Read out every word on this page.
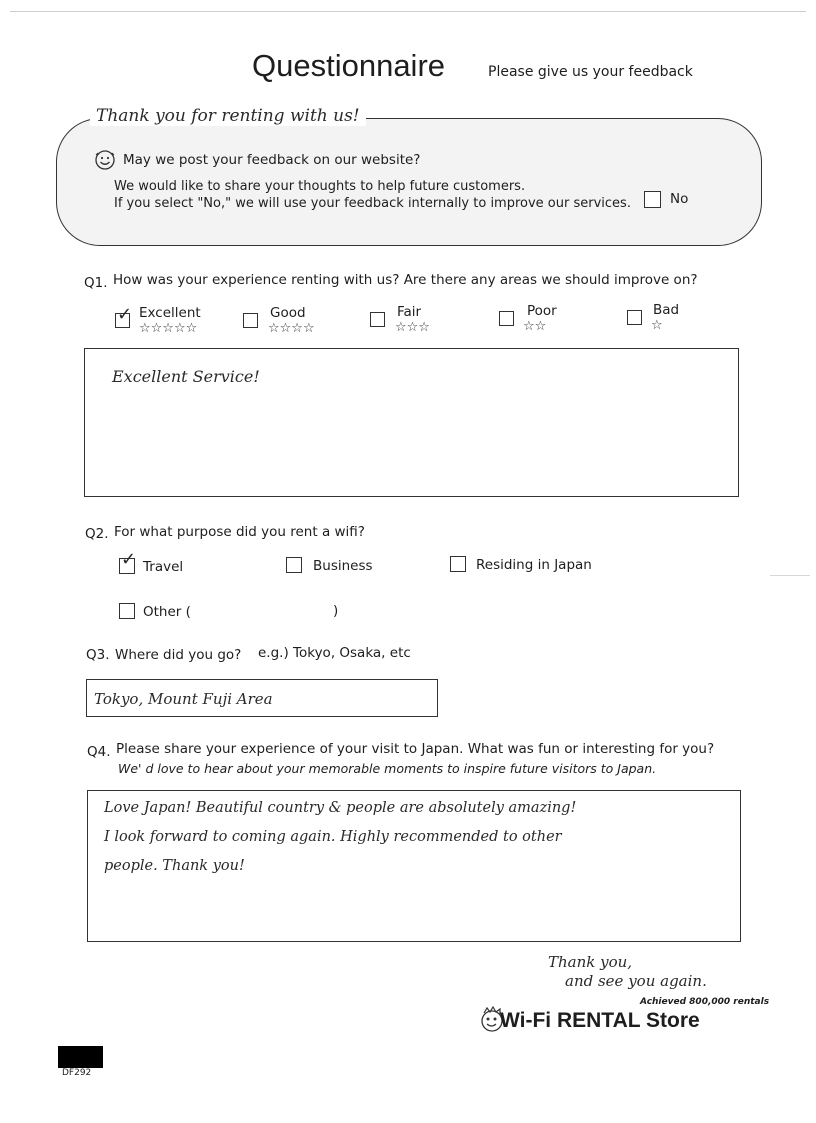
Questionnaire	Please give us your feedback
Thank you for renting with us!
May we post your feedback on our website?
We would like to share your thoughts to help future customers.
If you select "No," we will use your feedback internally to improve our services.	No
Q1. How was your experience renting with us? Are there any areas we should improve on?
✓ Excellent
☆☆☆☆☆
Good
☆☆☆☆
Fair
☆☆☆
Poor
☆☆
Bad
☆
Excellent Service!
Q2. For what purpose did you rent a wifi?
✓ Travel	Business	Residing in Japan
Other (	)
Q3. Where did you go? e.g.) Tokyo, Osaka, etc
Tokyo, Mount Fuji Area
Q4. Please share your experience of your visit to Japan. What was fun or interesting for you?
We' d love to hear about your memorable moments to inspire future visitors to Japan.
Love Japan! Beautiful country & people are absolutely amazing!
I look forward to coming again. Highly recommended to other
people. Thank you!
Thank you,
and see you again.
Achieved 800,000 rentals
Wi-Fi RENTAL Store
DF292
